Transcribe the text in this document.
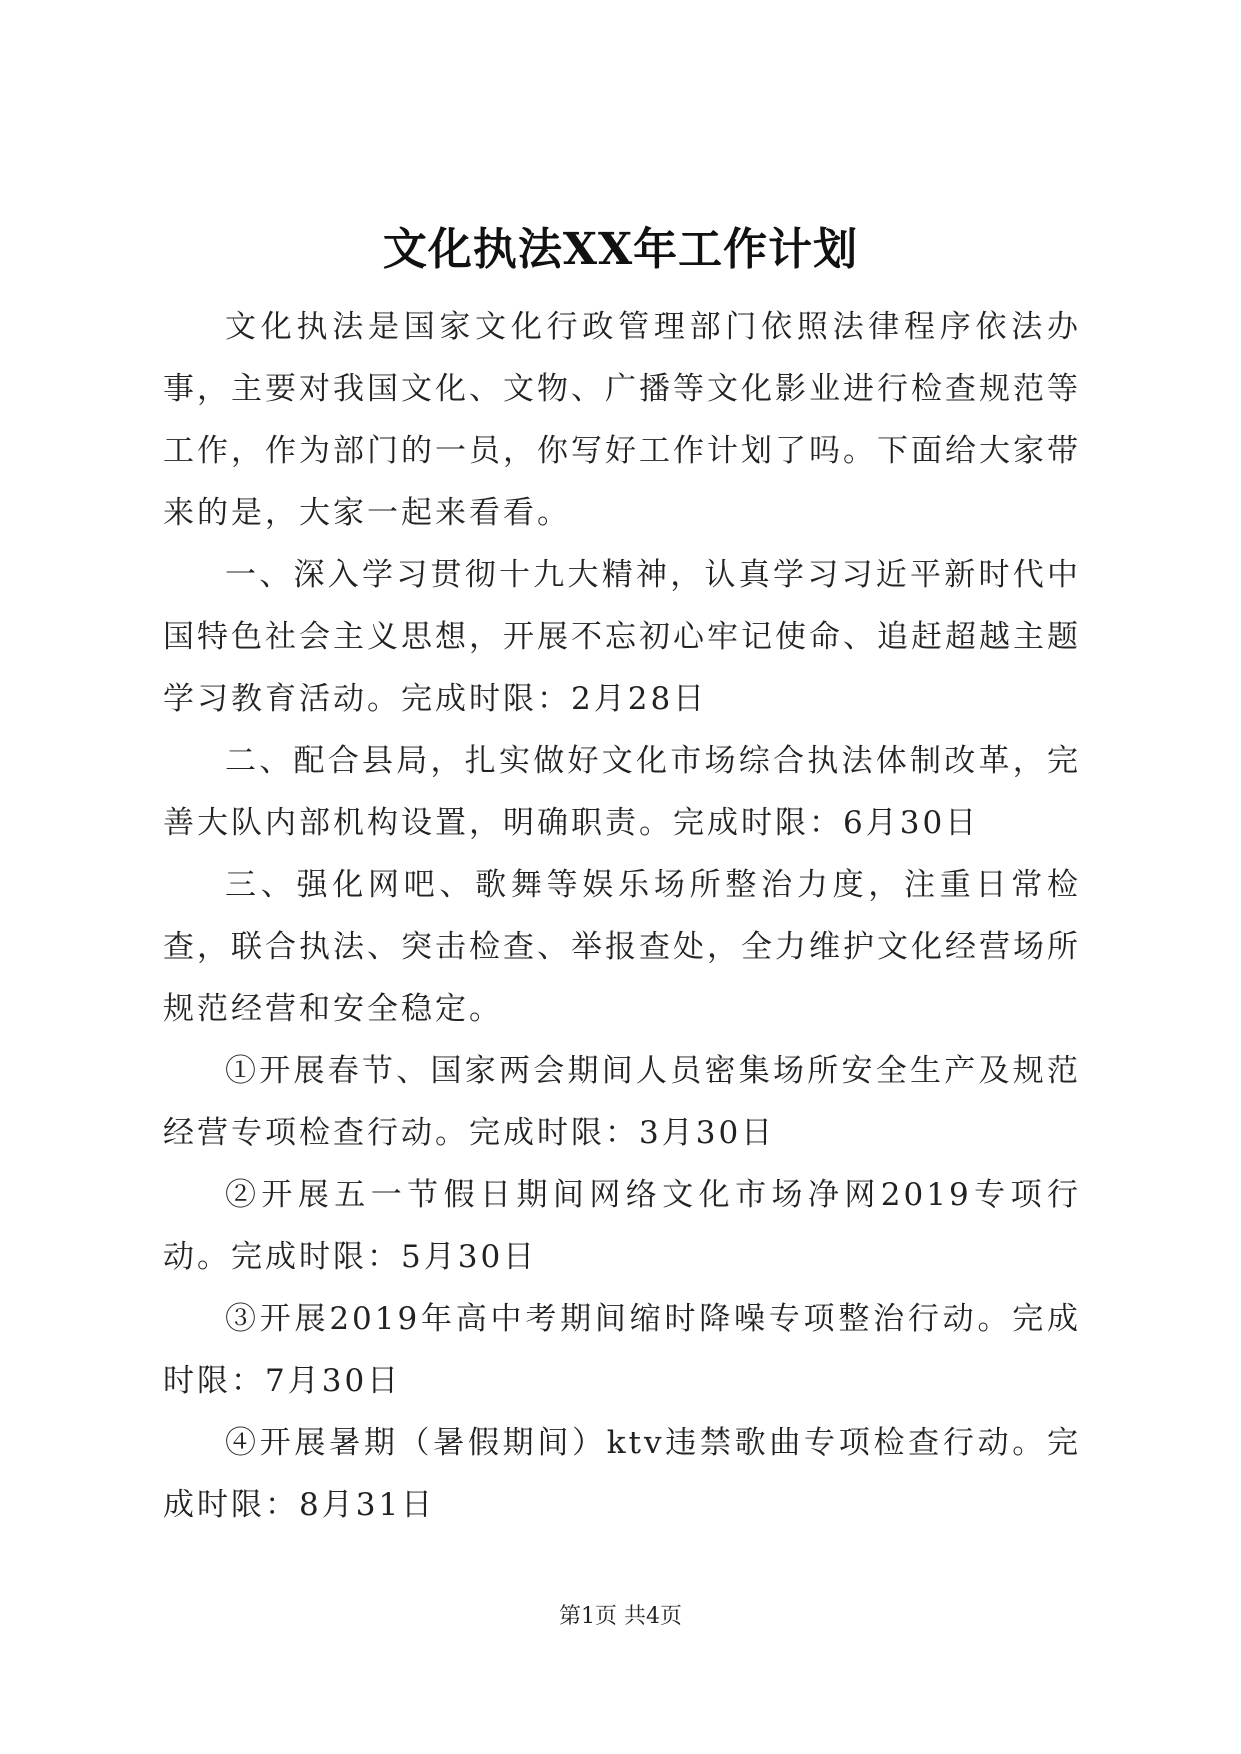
文化执法XX年工作计划

文化执法是国家文化行政管理部门依照法律程序依法办事，主要对我国文化、文物、广播等文化影业进行检查规范等工作，作为部门的一员，你写好工作计划了吗。下面给大家带来的是，大家一起来看看。

一、深入学习贯彻十九大精神，认真学习习近平新时代中国特色社会主义思想，开展不忘初心牢记使命、追赶超越主题学习教育活动。完成时限：2月28日

二、配合县局，扎实做好文化市场综合执法体制改革，完善大队内部机构设置，明确职责。完成时限：6月30日

三、强化网吧、歌舞等娱乐场所整治力度，注重日常检查，联合执法、突击检查、举报查处，全力维护文化经营场所规范经营和安全稳定。

①开展春节、国家两会期间人员密集场所安全生产及规范经营专项检查行动。完成时限：3月30日

②开展五一节假日期间网络文化市场净网2019专项行动。完成时限：5月30日

③开展2019年高中考期间缩时降噪专项整治行动。完成时限：7月30日

④开展暑期（暑假期间）ktv违禁歌曲专项检查行动。完成时限：8月31日

第1页 共4页
